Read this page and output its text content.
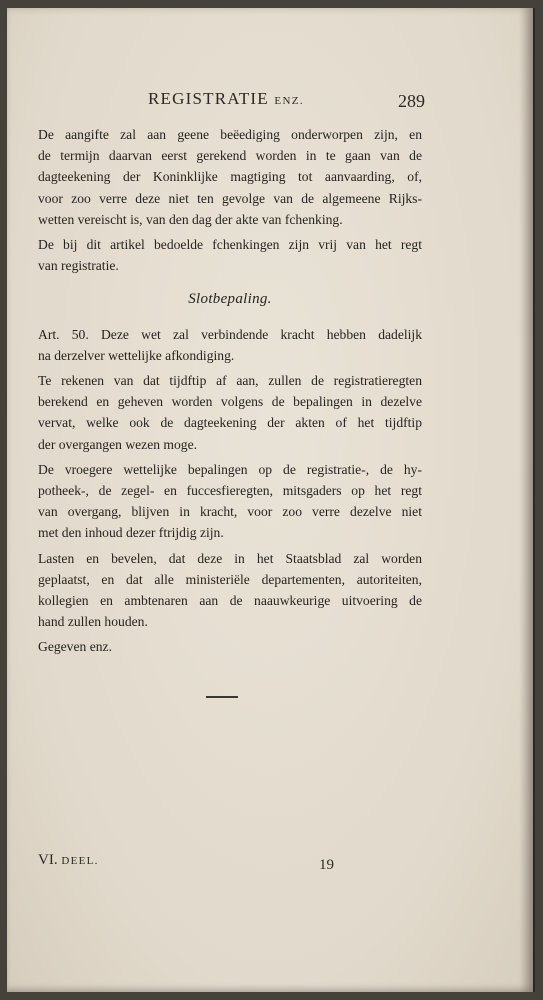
REGISTRATIE ENZ.	289
De aangifte zal aan geene beëediging onderworpen zijn, en
de termijn daarvan eerst gerekend worden in te gaan van de
dagteekening der Koninklijke magtiging tot aanvaarding, of,
voor zoo verre deze niet ten gevolge van de algemeene Rijks-
wetten vereischt is, van den dag der akte van fchenking.
De bij dit artikel bedoelde fchenkingen zijn vrij van het regt
van registratie.
Slotbepaling.
Art. 50. Deze wet zal verbindende kracht hebben dadelijk
na derzelver wettelijke afkondiging.
Te rekenen van dat tijdftip af aan, zullen de registratieregten
berekend en geheven worden volgens de bepalingen in dezelve
vervat, welke ook de dagteekening der akten of het tijdftip
der overgangen wezen moge.
De vroegere wettelijke bepalingen op de registratie-, de hy-
potheek-, de zegel- en fuccesfieregten, mitsgaders op het regt
van overgang, blijven in kracht, voor zoo verre dezelve niet
met den inhoud dezer ftrijdig zijn.
Lasten en bevelen, dat deze in het Staatsblad zal worden
geplaatst, en dat alle ministeriële departementen, autoriteiten,
kollegien en ambtenaren aan de naauwkeurige uitvoering de
hand zullen houden.
Gegeven enz.
VI. DEEL.	19
